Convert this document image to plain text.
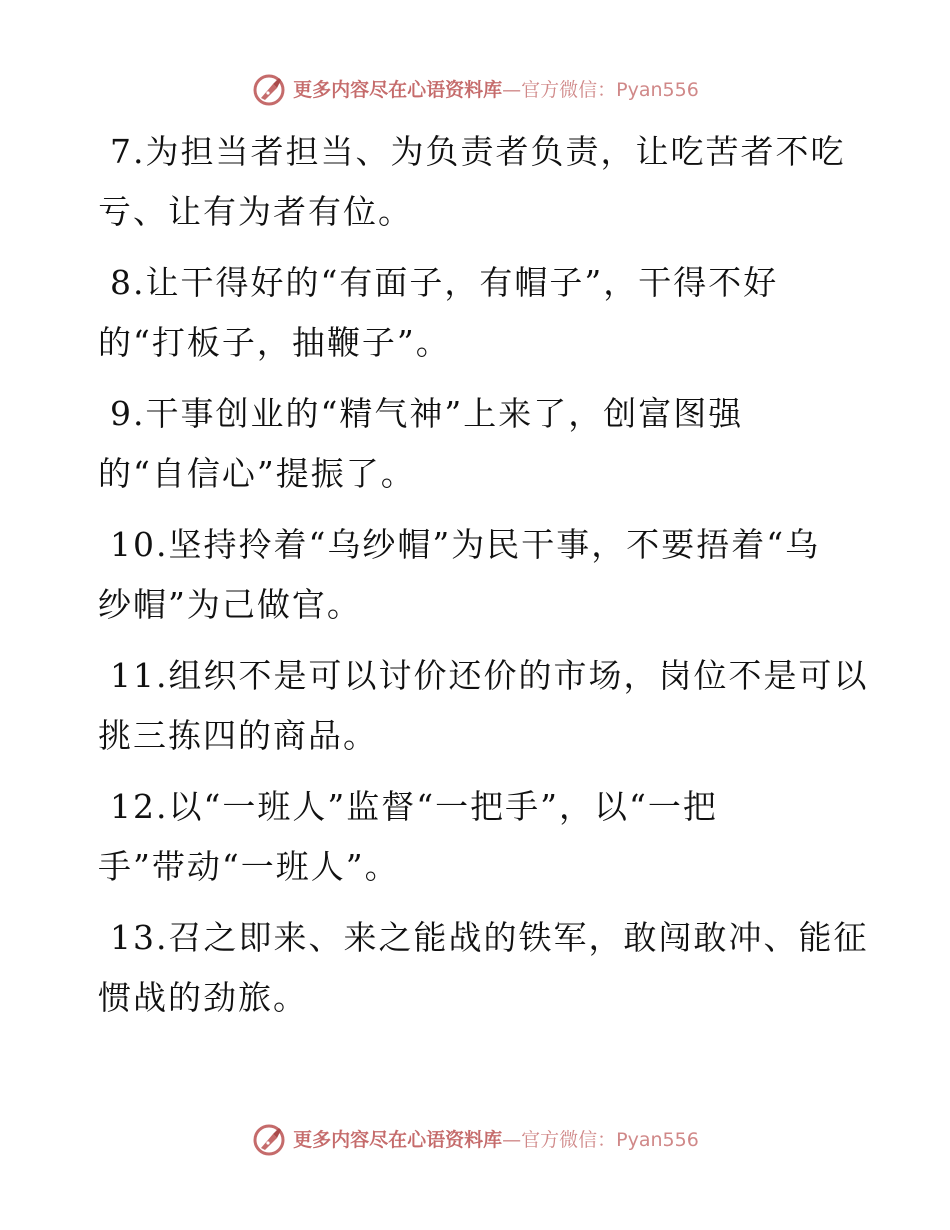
更多内容尽在心语资料库 —官方微信：Pyan556

7.为担当者担当、为负责者负责，让吃苦者不吃
亏、让有为者有位。

8.让干得好的“有面子，有帽子”，干得不好
的“打板子，抽鞭子”。

9.干事创业的“精气神”上来了，创富图强
的“自信心”提振了。

10.坚持拎着“乌纱帽”为民干事，不要捂着“乌
纱帽”为己做官。

11.组织不是可以讨价还价的市场，岗位不是可以
挑三拣四的商品。

12.以“一班人”监督“一把手”，以“一把
手”带动“一班人”。

13.召之即来、来之能战的铁军，敢闯敢冲、能征
惯战的劲旅。

更多内容尽在心语资料库 —官方微信：Pyan556
